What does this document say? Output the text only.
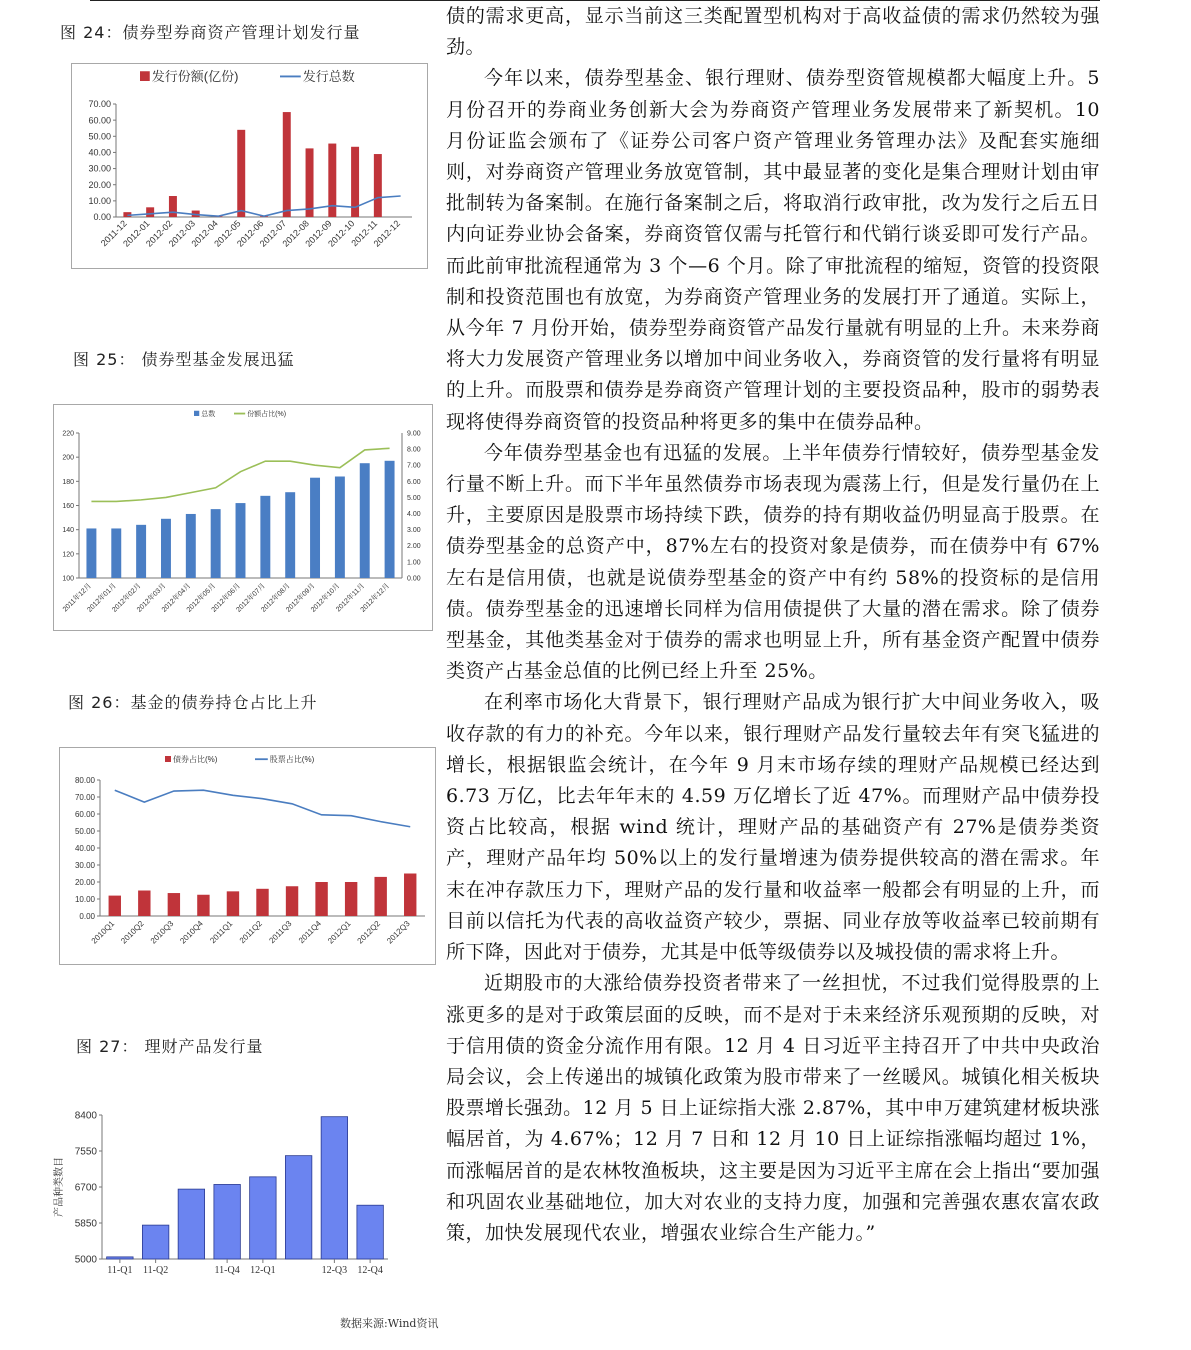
图 24：债券型券商资产管理计划发行量
0.00
10.00
20.00
30.00
40.00
50.00
60.00
70.00
2011-12
2012-01
2012-02
2012-03
2012-04
2012-05
2012-06
2012-07
2012-08
2012-09
2012-10
2012-11
2012-12
发行份额(亿份)	发行总数
图 25： 债券型基金发展迅猛
100
120
140
160
180
200
220
0.00
1.00
2.00
3.00
4.00
5.00
6.00
7.00
8.00
9.00
2011年12月
2012年01月
2012年02月
2012年03月
2012年04月
2012年05月
2012年06月
2012年07月
2012年08月
2012年09月
2012年10月
2012年11月
2012年12月
总数	份额占比(%)
图 26：基金的债券持仓占比上升
0.00
10.00
20.00
30.00
40.00
50.00
60.00
70.00
80.00
2010Q1 2010Q2 2010Q3 2010Q4 2011Q1 2011Q2 2011Q3 2011Q4 2012Q1 2012Q2 2012Q3
债券占比(%)	股票占比(%)
图 27： 理财产品发行量
5000
5850
6700
7550
8400
11-Q1 11-Q2	11-Q4 12-Q1	12-Q3 12-Q4
产品种类数目
数据来源:Wind资讯

债的需求更高，显示当前这三类配置型机构对于高收益债的需求仍然较为强劲。

今年以来，债券型基金、银行理财、债券型资管规模都大幅度上升。5 月份召开的券商业务创新大会为券商资产管理业务发展带来了新契机。10 月份证监会颁布了《证券公司客户资产管理业务管理办法》及配套实施细则，对券商资产管理业务放宽管制，其中最显著的变化是集合理财计划由审批制转为备案制。在施行备案制之后，将取消行政审批，改为发行之后五日内向证券业协会备案，券商资管仅需与托管行和代销行谈妥即可发行产品。而此前审批流程通常为 3 个—6 个月。除了审批流程的缩短，资管的投资限制和投资范围也有放宽，为券商资产管理业务的发展打开了通道。实际上，从今年 7 月份开始，债券型券商资管产品发行量就有明显的上升。未来券商将大力发展资产管理业务以增加中间业务收入，券商资管的发行量将有明显的上升。而股票和债券是券商资产管理计划的主要投资品种，股市的弱势表现将使得券商资管的投资品种将更多的集中在债券品种。

今年债券型基金也有迅猛的发展。上半年债券行情较好，债券型基金发行量不断上升。而下半年虽然债券市场表现为震荡上行，但是发行量仍在上升，主要原因是股票市场持续下跌，债券的持有期收益仍明显高于股票。在债券型基金的总资产中，87%左右的投资对象是债券，而在债券中有 67%左右是信用债，也就是说债券型基金的资产中有约 58%的投资标的是信用债。债券型基金的迅速增长同样为信用债提供了大量的潜在需求。除了债券型基金，其他类基金对于债券的需求也明显上升，所有基金资产配置中债券类资产占基金总值的比例已经上升至 25%。

在利率市场化大背景下，银行理财产品成为银行扩大中间业务收入，吸收存款的有力的补充。今年以来，银行理财产品发行量较去年有突飞猛进的增长，根据银监会统计，在今年 9 月末市场存续的理财产品规模已经达到 6.73 万亿，比去年年末的 4.59 万亿增长了近 47%。而理财产品中债券投资占比较高，根据 wind 统计，理财产品的基础资产有 27%是债券类资产，理财产品年均 50%以上的发行量增速为债券提供较高的潜在需求。年末在冲存款压力下，理财产品的发行量和收益率一般都会有明显的上升，而目前以信托为代表的高收益资产较少，票据、同业存放等收益率已较前期有所下降，因此对于债券，尤其是中低等级债券以及城投债的需求将上升。

近期股市的大涨给债券投资者带来了一丝担忧，不过我们觉得股票的上涨更多的是对于政策层面的反映，而不是对于未来经济乐观预期的反映，对于信用债的资金分流作用有限。12 月 4 日习近平主持召开了中共中央政治局会议，会上传递出的城镇化政策为股市带来了一丝暖风。城镇化相关板块股票增长强劲。12 月 5 日上证综指大涨 2.87%，其中申万建筑建材板块涨幅居首，为 4.67%；12 月 7 日和 12 月 10 日上证综指涨幅均超过 1%，而涨幅居首的是农林牧渔板块，这主要是因为习近平主席在会上指出“要加强和巩固农业基础地位，加大对农业的支持力度，加强和完善强农惠农富农政策，加快发展现代农业，增强农业综合生产能力。”
